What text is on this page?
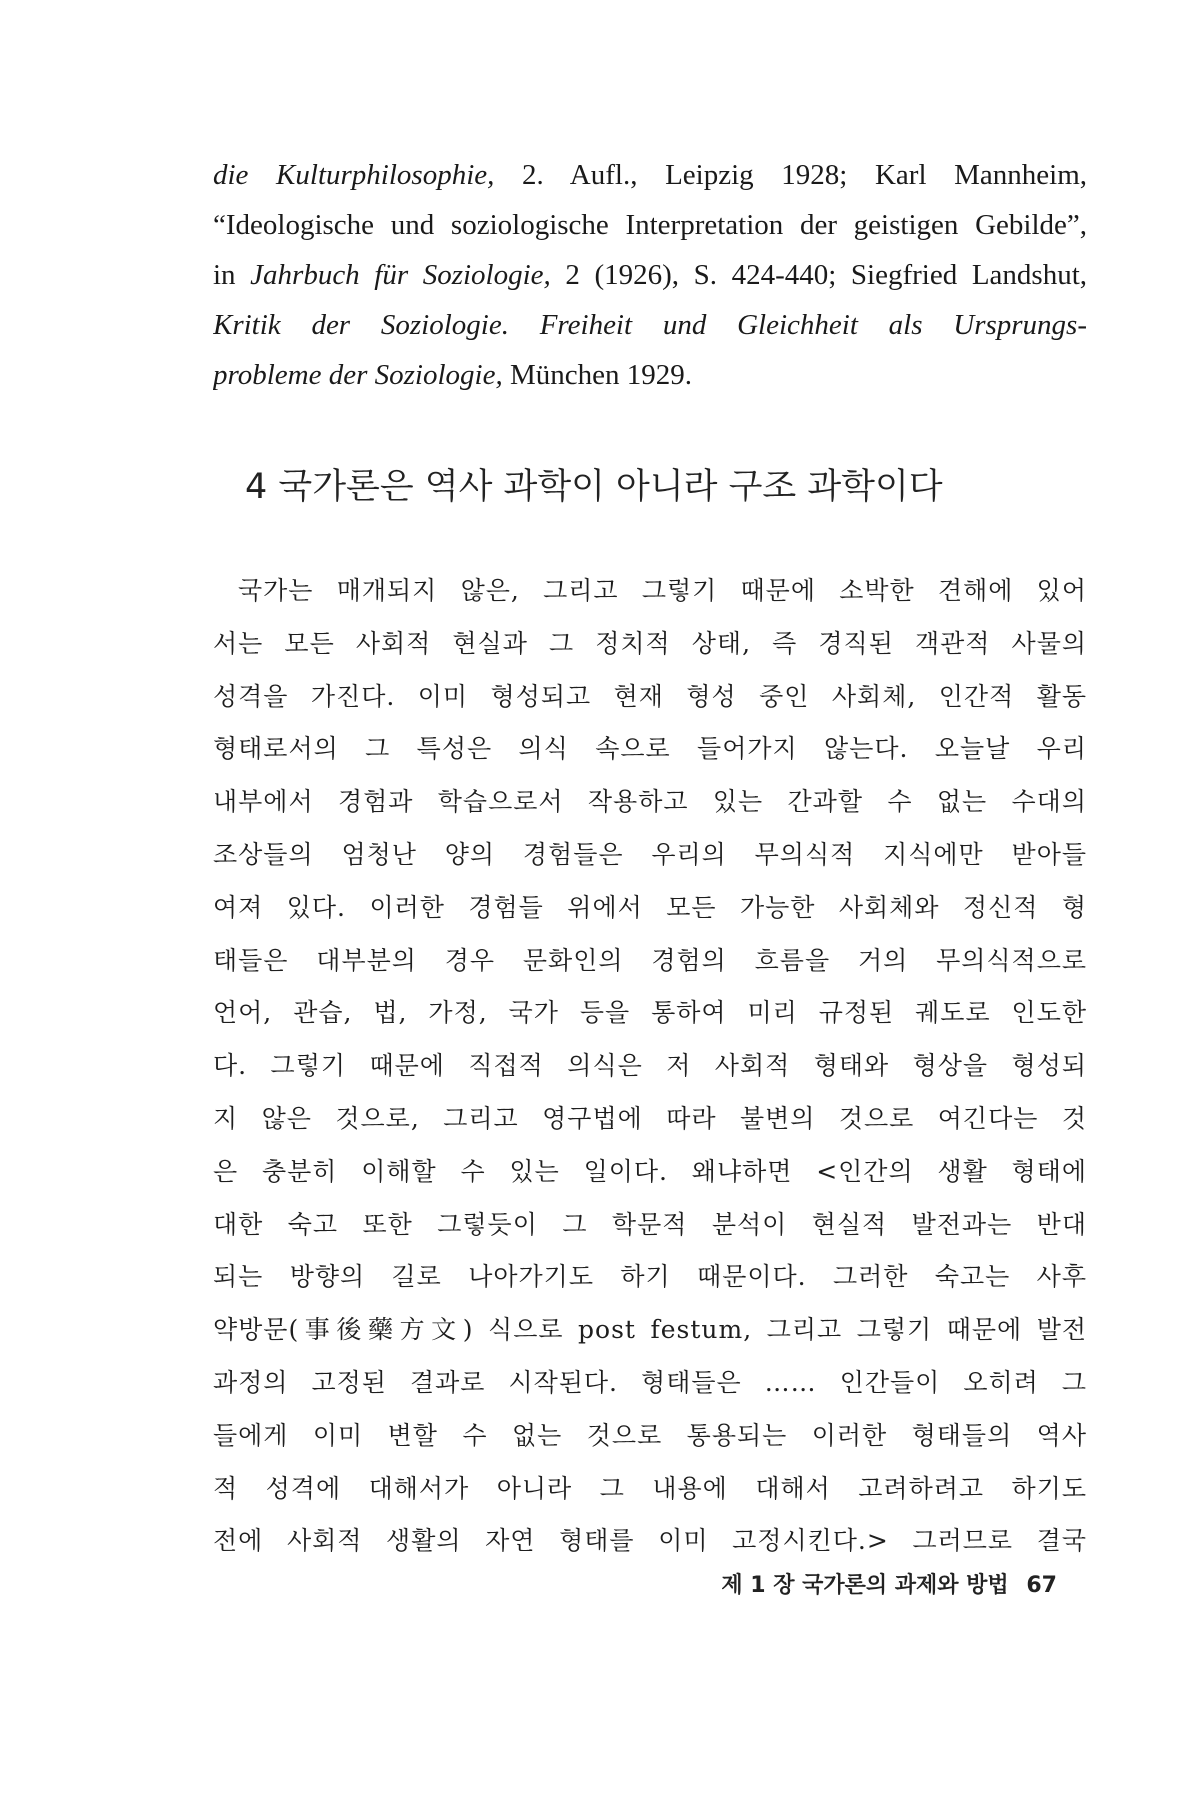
die Kulturphilosophie, 2. Aufl., Leipzig 1928; Karl Mannheim,
“Ideologische und soziologische Interpretation der geistigen Gebilde”,
in Jahrbuch für Soziologie, 2 (1926), S. 424-440; Siegfried Landshut,
Kritik der Soziologie. Freiheit und Gleichheit als Ursprungs-
probleme der Soziologie, München 1929.
4 국가론은 역사 과학이 아니라 구조 과학이다
국가는 매개되지 않은, 그리고 그렇기 때문에 소박한 견해에 있어
서는 모든 사회적 현실과 그 정치적 상태, 즉 경직된 객관적 사물의
성격을 가진다. 이미 형성되고 현재 형성 중인 사회체, 인간적 활동
형태로서의 그 특성은 의식 속으로 들어가지 않는다. 오늘날 우리
내부에서 경험과 학습으로서 작용하고 있는 간과할 수 없는 수대의
조상들의 엄청난 양의 경험들은 우리의 무의식적 지식에만 받아들
여져 있다. 이러한 경험들 위에서 모든 가능한 사회체와 정신적 형
태들은 대부분의 경우 문화인의 경험의 흐름을 거의 무의식적으로
언어, 관습, 법, 가정, 국가 등을 통하여 미리 규정된 궤도로 인도한
다. 그렇기 때문에 직접적 의식은 저 사회적 형태와 형상을 형성되
지 않은 것으로, 그리고 영구법에 따라 불변의 것으로 여긴다는 것
은 충분히 이해할 수 있는 일이다. 왜냐하면 <인간의 생활 형태에
대한 숙고 또한 그렇듯이 그 학문적 분석이 현실적 발전과는 반대
되는 방향의 길로 나아가기도 하기 때문이다. 그러한 숙고는 사후
약방문(事後藥方文) 식으로 post festum, 그리고 그렇기 때문에 발전
과정의 고정된 결과로 시작된다. 형태들은 …… 인간들이 오히려 그
들에게 이미 변할 수 없는 것으로 통용되는 이러한 형태들의 역사
적 성격에 대해서가 아니라 그 내용에 대해서 고려하려고 하기도
전에 사회적 생활의 자연 형태를 이미 고정시킨다.> 그러므로 결국
제 1 장 국가론의 과제와 방법 67
